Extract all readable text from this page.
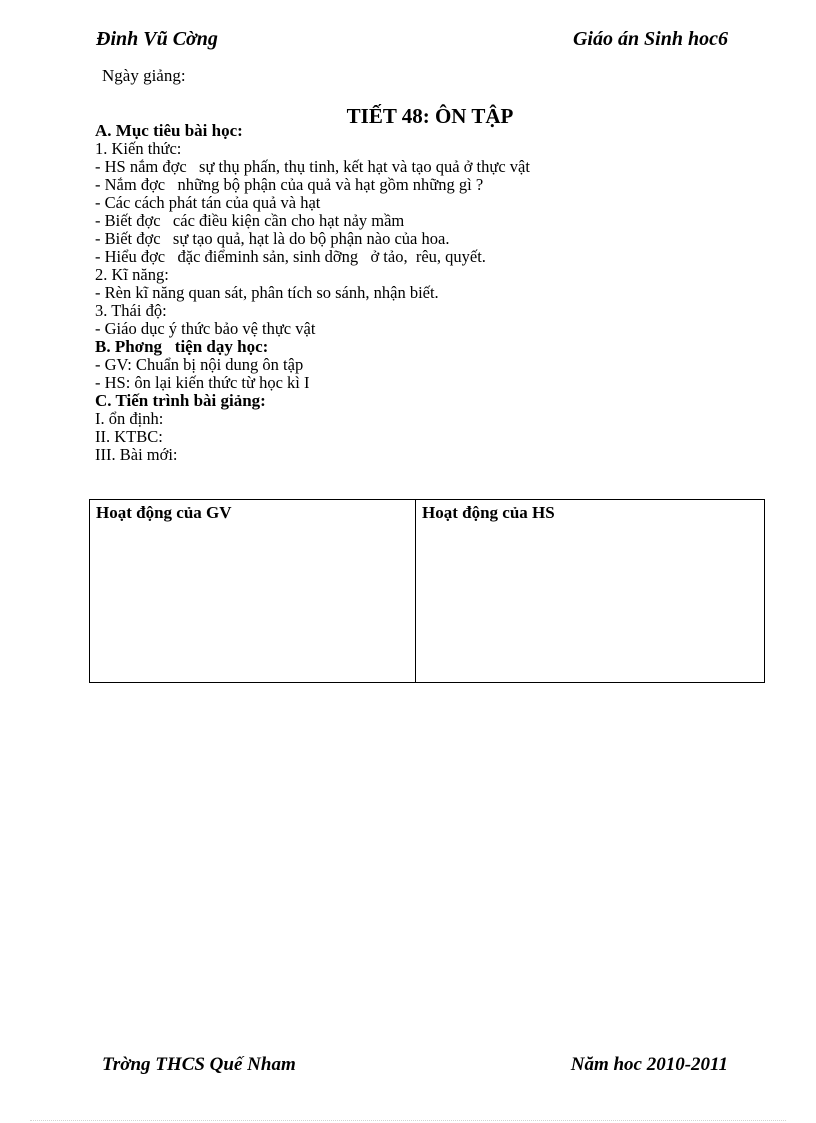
Đinh Vũ Cờng	Giáo án Sinh hoc6
Ngày giảng:
TIẾT 48: ÔN TẬP
A. Mục tiêu bài học:
1. Kiến thức:
- HS nắm đợc   sự thụ phấn, thụ tinh, kết hạt và tạo quả ở thực vật
- Nắm đợc   những bộ phận của quả và hạt gồm những gì ?
- Các cách phát tán của quả và hạt
- Biết đợc   các điều kiện cần cho hạt nảy mầm
- Biết đợc   sự tạo quả, hạt là do bộ phận nào của hoa.
- Hiểu đợc   đặc điểminh sản, sinh dỡng   ở tảo,  rêu, quyết.
2. Kĩ năng:
- Rèn kĩ năng quan sát, phân tích so sánh, nhận biết.
3. Thái độ:
- Giáo dục ý thức bảo vệ thực vật
B. Phơng   tiện dạy học:
- GV: Chuẩn bị nội dung ôn tập
- HS: ôn lại kiến thức từ học kì I
C. Tiến trình bài giảng:
I. ổn định:
II. KTBC:
III. Bài mới:
Hoạt động của GV	Hoạt động của HS
Trờng THCS Quế Nham	Năm hoc 2010-2011
